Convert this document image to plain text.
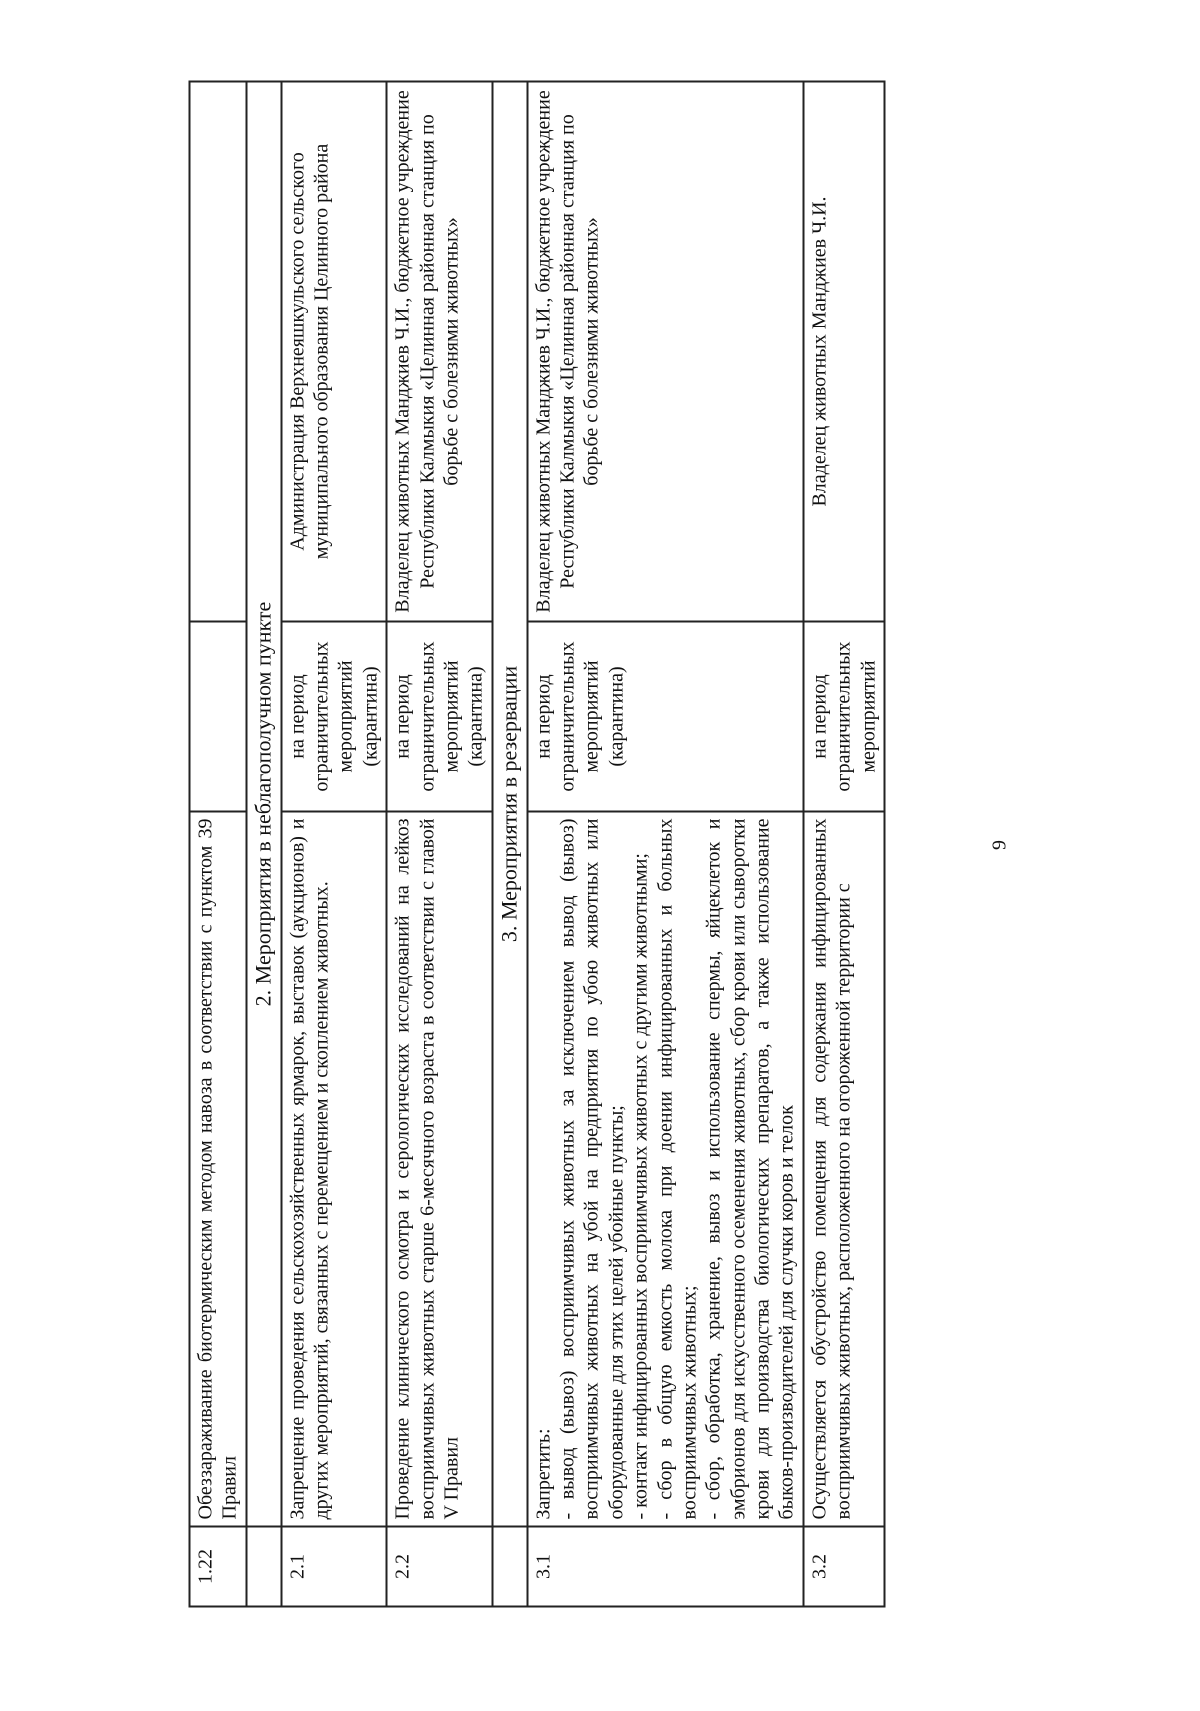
1.22	Обеззараживание биотермическим методом навоза в соответствии с пунктом 39 Правил		
	2. Мероприятия в неблагополучном пункте		
2.1	Запрещение проведения сельскохозяйственных ярмарок, выставок (аукционов) и других мероприятий, связанных с перемещением и скоплением животных.	на период ограничительных мероприятий (карантина)	Администрация Верхнеяшкульского сельского муниципального образования Целинного района
2.2	Проведение клинического осмотра и серологических исследований на лейкоз восприимчивых животных старше 6-месячного возраста в соответствии с главой V Правил	на период ограничительных мероприятий (карантина)	Владелец животных Манджиев Ч.И., бюджетное учреждение Республики Калмыкия «Целинная районная станция по борьбе с болезнями животных»
	3. Мероприятия в резервации		
3.1	Запретить: - вывод (вывоз) восприимчивых животных за исключением вывод (вывоз) восприимчивых животных на убой на предприятия по убою животных или оборудованные для этих целей убойные пункты; - контакт инфицированных восприимчивых животных с другими животными; - сбор в общую емкость молока при доении инфицированных и больных восприимчивых животных; - сбор, обработка, хранение, вывоз и использование спермы, яйцеклеток и эмбрионов для искусственного осеменения животных, сбор крови или сыворотки крови для производства биологических препаратов, а также использование быков-производителей для случки коров и телок	на период ограничительных мероприятий (карантина)	Владелец животных Манджиев Ч.И., бюджетное учреждение Республики Калмыкия «Целинная районная станция по борьбе с болезнями животных»
3.2	Осуществляется обустройство помещения для содержания инфицированных восприимчивых животных, расположенного на огороженной территории с	на период ограничительных мероприятий	Владелец животных Манджиев Ч.И.
9
